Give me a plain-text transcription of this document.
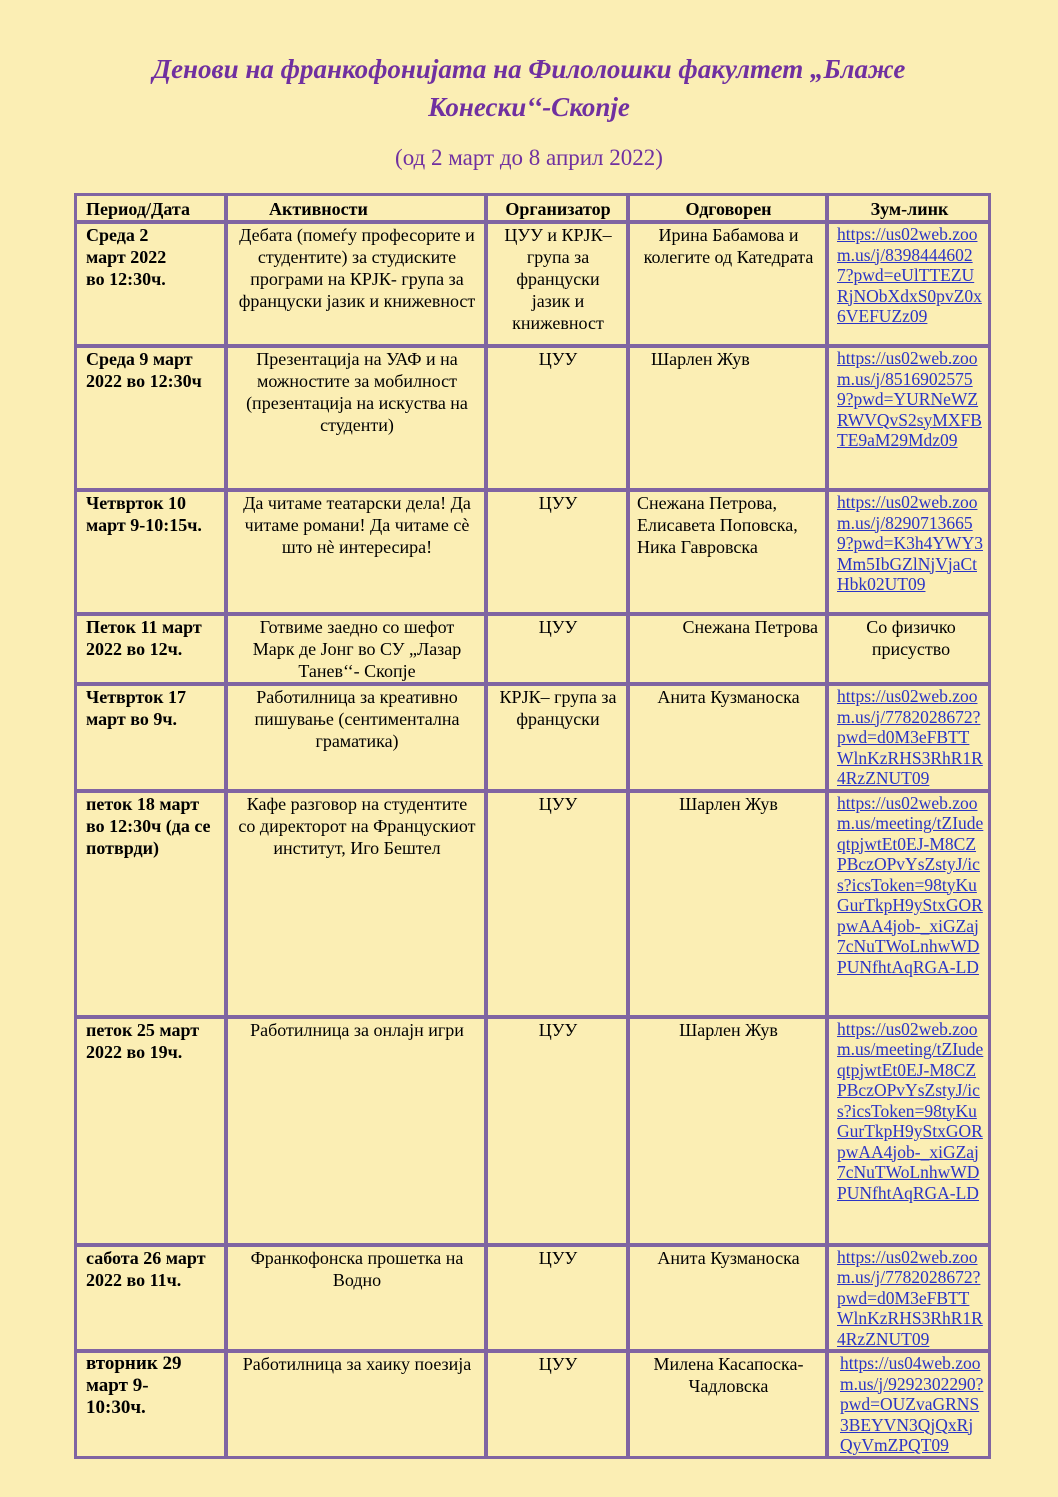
Денови на франкофонијата на Филолошки факултет „Блаже
Конески‘‘-Скопје
(од 2 март до 8 април 2022)
Период/Дата	Активности	Организатор	Одговорен	Зум-линк
Среда 2 март 2022 во 12:30ч.	Дебата (помеѓу професорите и студентите) за студиските програми на КРЈК- група за француски јазик и книжевност	ЦУУ и КРЈК–група за француски јазик и книжевност	Ирина Бабамова и колегите од Катедрата	https://us02web.zoom.us/j/83984446027?pwd=eUlTTEZURjNObXdxS0pvZ0x6VEFUZz09
Среда 9 март 2022 во 12:30ч	Презентација на УАФ и на можностите за мобилност (презентација на искуства на студенти)	ЦУУ	Шарлен Жув	https://us02web.zoom.us/j/85169025759?pwd=YURNeWZRWVQvS2syMXFBTE9aM29Mdz09
Четврток 10 март 9-10:15ч.	Да читаме театарски дела! Да читаме романи! Да читаме сè што нè интересира!	ЦУУ	Снежана Петрова, Елисавета Поповска, Ника Гавровска	https://us02web.zoom.us/j/82907136659?pwd=K3h4YWY3Mm5IbGZlNjVjaCtHbk02UT09
Петок 11 март 2022 во 12ч.	Готвиме заедно со шефот Марк де Јонг во СУ „Лазар Танев‘‘- Скопје	ЦУУ	Снежана Петрова	Со физичко присуство

Четврток 17 март во 9ч.	Работилница за креативно пишување (сентиментална граматика)	КРЈК– група за француски	Анита Кузманоска	https://us02web.zoom.us/j/7782028672?pwd=d0M3eFBTTWlnKzRHS3RhR1R4RzZNUT09
петок 18 март во 12:30ч (да се потврди)	Кафе разговор на студентите со директорот на Францускиот институт, Иго Бештел	ЦУУ	Шарлен Жув	https://us02web.zoom.us/meeting/tZIudeqtpjwtEt0EJ-M8CZPBczOPvYsZstyJ/ics?icsToken=98tyKuGurTkpH9yStxGORpwAA4job-_xiGZaj7cNuTWoLnhwWDPUNfhtAqRGA-LD
петок 25 март 2022 во 19ч.	Работилница за онлајн игри	ЦУУ	Шарлен Жув	https://us02web.zoom.us/meeting/tZIudeqtpjwtEt0EJ-M8CZPBczOPvYsZstyJ/ics?icsToken=98tyKuGurTkpH9yStxGORpwAA4job-_xiGZaj7cNuTWoLnhwWDPUNfhtAqRGA-LD
сабота 26 март 2022 во 11ч.	Франкофонска прошетка на Водно	ЦУУ	Анита Кузманоска	https://us02web.zoom.us/j/7782028672?pwd=d0M3eFBTTWlnKzRHS3RhR1R4RzZNUT09
вторник 29 март 9-10:30ч.	Работилница за хаику поезија	ЦУУ	Милена Касапоска-Чадловска	https://us04web.zoom.us/j/9292302290?pwd=OUZvaGRNS3BEYVN3QjQxRjQyVmZPQT09
